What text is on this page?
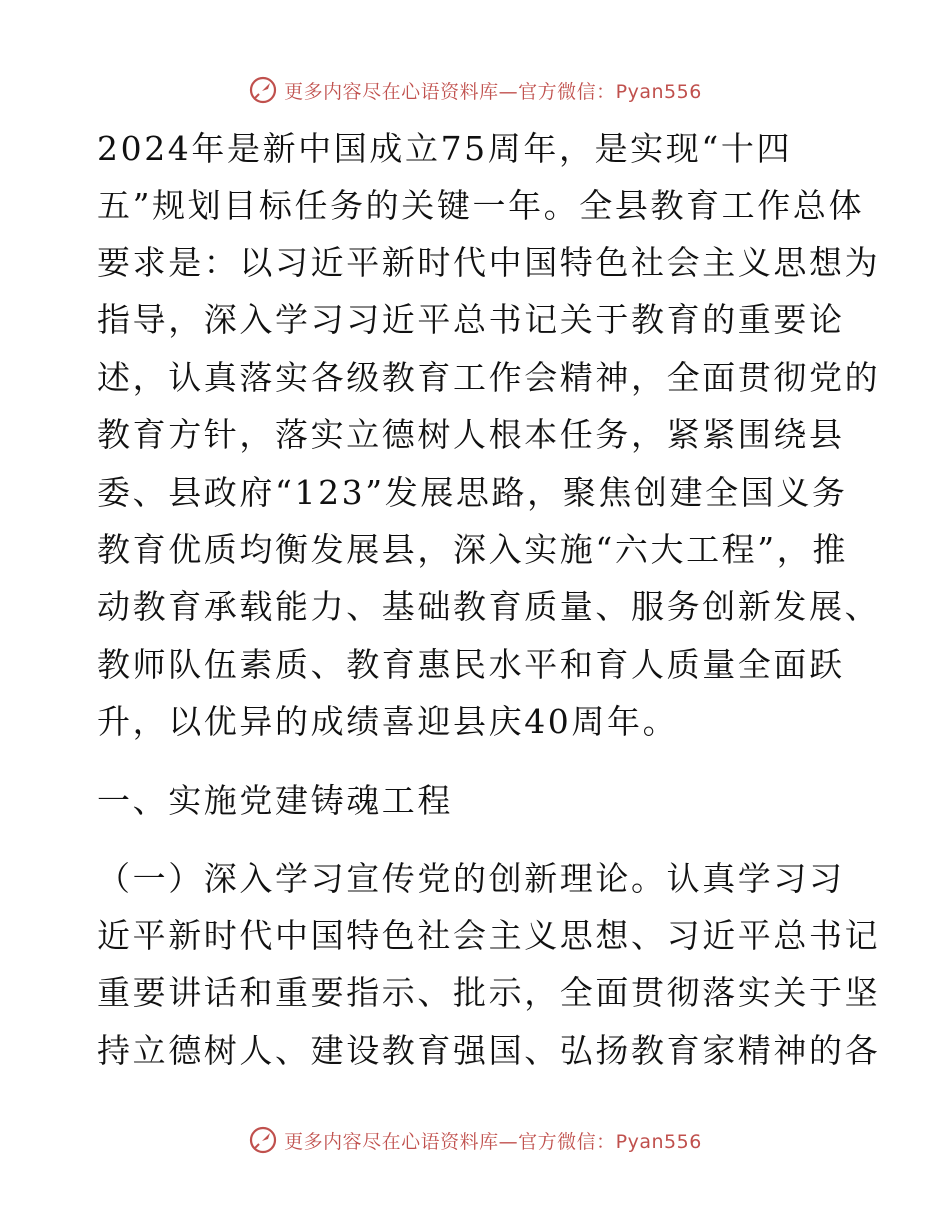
更多内容尽在心语资料库—官方微信：Pyan556
2024年是新中国成立75周年，是实现“十四
五”规划目标任务的关键一年。全县教育工作总体
要求是：以习近平新时代中国特色社会主义思想为
指导，深入学习习近平总书记关于教育的重要论
述，认真落实各级教育工作会精神，全面贯彻党的
教育方针，落实立德树人根本任务，紧紧围绕县
委、县政府“123”发展思路，聚焦创建全国义务
教育优质均衡发展县，深入实施“六大工程”，推
动教育承载能力、基础教育质量、服务创新发展、
教师队伍素质、教育惠民水平和育人质量全面跃
升，以优异的成绩喜迎县庆40周年。
一、实施党建铸魂工程
（一）深入学习宣传党的创新理论。认真学习习
近平新时代中国特色社会主义思想、习近平总书记
重要讲话和重要指示、批示，全面贯彻落实关于坚
持立德树人、建设教育强国、弘扬教育家精神的各
更多内容尽在心语资料库—官方微信：Pyan556
